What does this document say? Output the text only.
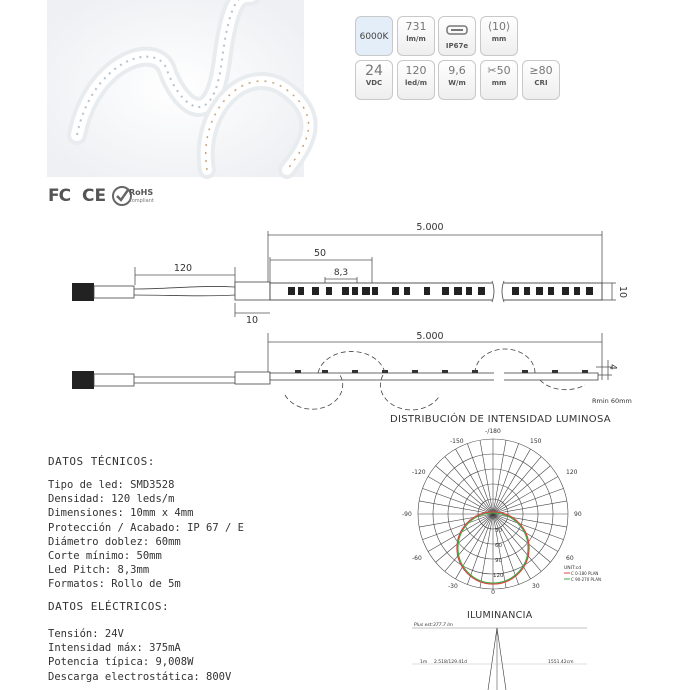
6000K
731
lm/m
IP67e
⟨10⟩
mm
24
VDC
120
led/m
9,6
W/m
✂50
mm
≥80
CRI
FC CE	RoHS
compliant
5.000
50
8,3
120
10
10
5.000
4
Rmin 60mm
DISTRIBUCIÓN DE INTENSIDAD LUMINOSA
-/180
-150	150
-120	120
-90	90
-60	60
-30	30
0
30
60
90
120
UNIT:cd
C 0-180 PLAN
C 90-270 PLAN
ILUMINANCIA
Plus est:377.7 lm
1m 2.518/129.41d	1551.42cm
DATOS TÉCNICOS:
Tipo de led: SMD3528
Densidad: 120 leds/m
Dimensiones: 10mm x 4mm
Protección / Acabado: IP 67 / E
Diámetro doblez: 60mm
Corte mínimo: 50mm
Led Pitch: 8,3mm
Formatos: Rollo de 5m
DATOS ELÉCTRICOS:
Tensión: 24V
Intensidad máx: 375mA
Potencia típica: 9,008W
Descarga electrostática: 800V
